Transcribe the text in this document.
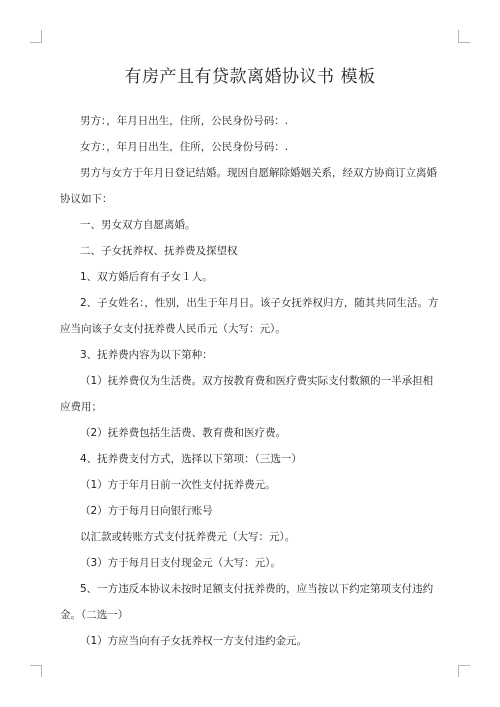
有房产且有贷款离婚协议书 模板

男方：，年月日出生，住所，公民身份号码：.

女方：，年月日出生，住所，公民身份号码：.

男方与女方于年月日登记结婚。现因自愿解除婚姻关系，经双方协商订立离婚协议如下：

一、男女双方自愿离婚。

二、子女抚养权、抚养费及探望权

1、双方婚后育有子女１人。

2、子女姓名：，性别，出生于年月日。该子女抚养权归方，随其共同生活。方应当向该子女支付抚养费人民币元（大写：元）。

3、抚养费内容为以下第种：

（1）抚养费仅为生活费。双方按教育费和医疗费实际支付数额的一半承担相应费用；

（2）抚养费包括生活费、教育费和医疗费。

4、抚养费支付方式，选择以下第项：（三选一）

（1）方于年月日前一次性支付抚养费元。

（2）方于每月日向银行账号

以汇款或转账方式支付抚养费元（大写：元）。

（3）方于每月日支付现金元（大写：元）。

5、一方违反本协议未按时足额支付抚养费的，应当按以下约定第项支付违约金。（二选一）

（1）方应当向有子女抚养权一方支付违约金元。
